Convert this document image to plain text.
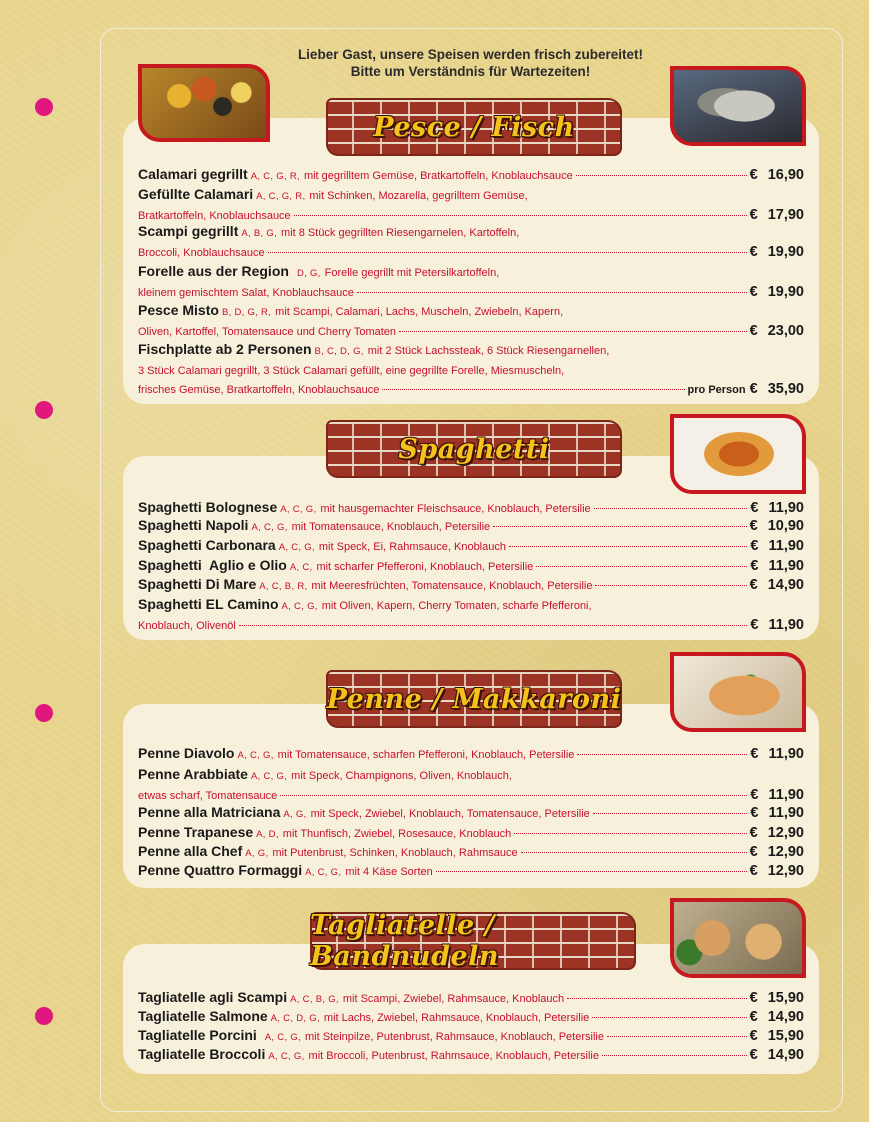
Lieber Gast, unsere Speisen werden frisch zubereitet!
Bitte um Verständnis für Wartezeiten!
Pesce / Fisch
Spaghetti
Penne / Makkaroni
Tagliatelle / Bandnudeln
Calamari gegrillt A, C, G, R, mit gegrilltem Gemüse, Bratkartoffeln, Knoblauchsauce	€ 16,90
Gefüllte Calamari A, C, G, R, mit Schinken, Mozarella, gegrilltem Gemüse,
Bratkartoffeln, Knoblauchsauce	€ 17,90
Scampi gegrillt A, B, G, mit 8 Stück gegrillten Riesengarnelen, Kartoffeln,
Broccoli, Knoblauchsauce	€ 19,90
Forelle aus der Region D, G, Forelle gegrillt mit Petersilkartoffeln,
kleinem gemischtem Salat, Knoblauchsauce	€ 19,90
Pesce Misto B, D, G, R, mit Scampi, Calamari, Lachs, Muscheln, Zwiebeln, Kapern,
Oliven, Kartoffel, Tomatensauce und Cherry Tomaten	€ 23,00
Fischplatte ab 2 Personen B, C, D, G, mit 2 Stück Lachssteak, 6 Stück Riesengarnellen,
3 Stück Calamari gegrillt, 3 Stück Calamari gefüllt, eine gegrillte Forelle, Miesmuscheln,
frisches Gemüse, Bratkartoffeln, Knoblauchsauce	pro Person € 35,90
Spaghetti Bolognese A, C, G, mit hausgemachter Fleischsauce, Knoblauch, Petersilie	€ 11,90
Spaghetti Napoli A, C, G, mit Tomatensauce, Knoblauch, Petersilie	€ 10,90
Spaghetti Carbonara A, C, G, mit Speck, Ei, Rahmsauce, Knoblauch	€ 11,90
Spaghetti  Aglio e Olio A, C, mit scharfer Pfefferoni, Knoblauch, Petersilie	€ 11,90
Spaghetti Di Mare A, C, B, R, mit Meeresfrüchten, Tomatensauce, Knoblauch, Petersilie	€ 14,90
Spaghetti EL Camino A, C, G, mit Oliven, Kapern, Cherry Tomaten, scharfe Pfefferoni,
Knoblauch, Olivenöl	€ 11,90
Penne Diavolo A, C, G, mit Tomatensauce, scharfen Pfefferoni, Knoblauch, Petersilie	€ 11,90
Penne Arabbiate A, C, G, mit Speck, Champignons, Oliven, Knoblauch,
etwas scharf, Tomatensauce	€ 11,90
Penne alla Matriciana A, G, mit Speck, Zwiebel, Knoblauch, Tomatensauce, Petersilie	€ 11,90
Penne Trapanese A, D, mit Thunfisch, Zwiebel, Rosesauce, Knoblauch	€ 12,90
Penne alla Chef A, G, mit Putenbrust, Schinken, Knoblauch, Rahmsauce	€ 12,90
Penne Quattro Formaggi A, C, G, mit 4 Käse Sorten	€ 12,90
Tagliatelle agli Scampi A, C, B, G, mit Scampi, Zwiebel, Rahmsauce, Knoblauch	€ 15,90
Tagliatelle Salmone A, C, D, G, mit Lachs, Zwiebel, Rahmsauce, Knoblauch, Petersilie	€ 14,90
Tagliatelle Porcini A, C, G, mit Steinpilze, Putenbrust, Rahmsauce, Knoblauch, Petersilie	€ 15,90
Tagliatelle Broccoli A, C, G, mit Broccoli, Putenbrust, Rahmsauce, Knoblauch, Petersilie	€ 14,90
